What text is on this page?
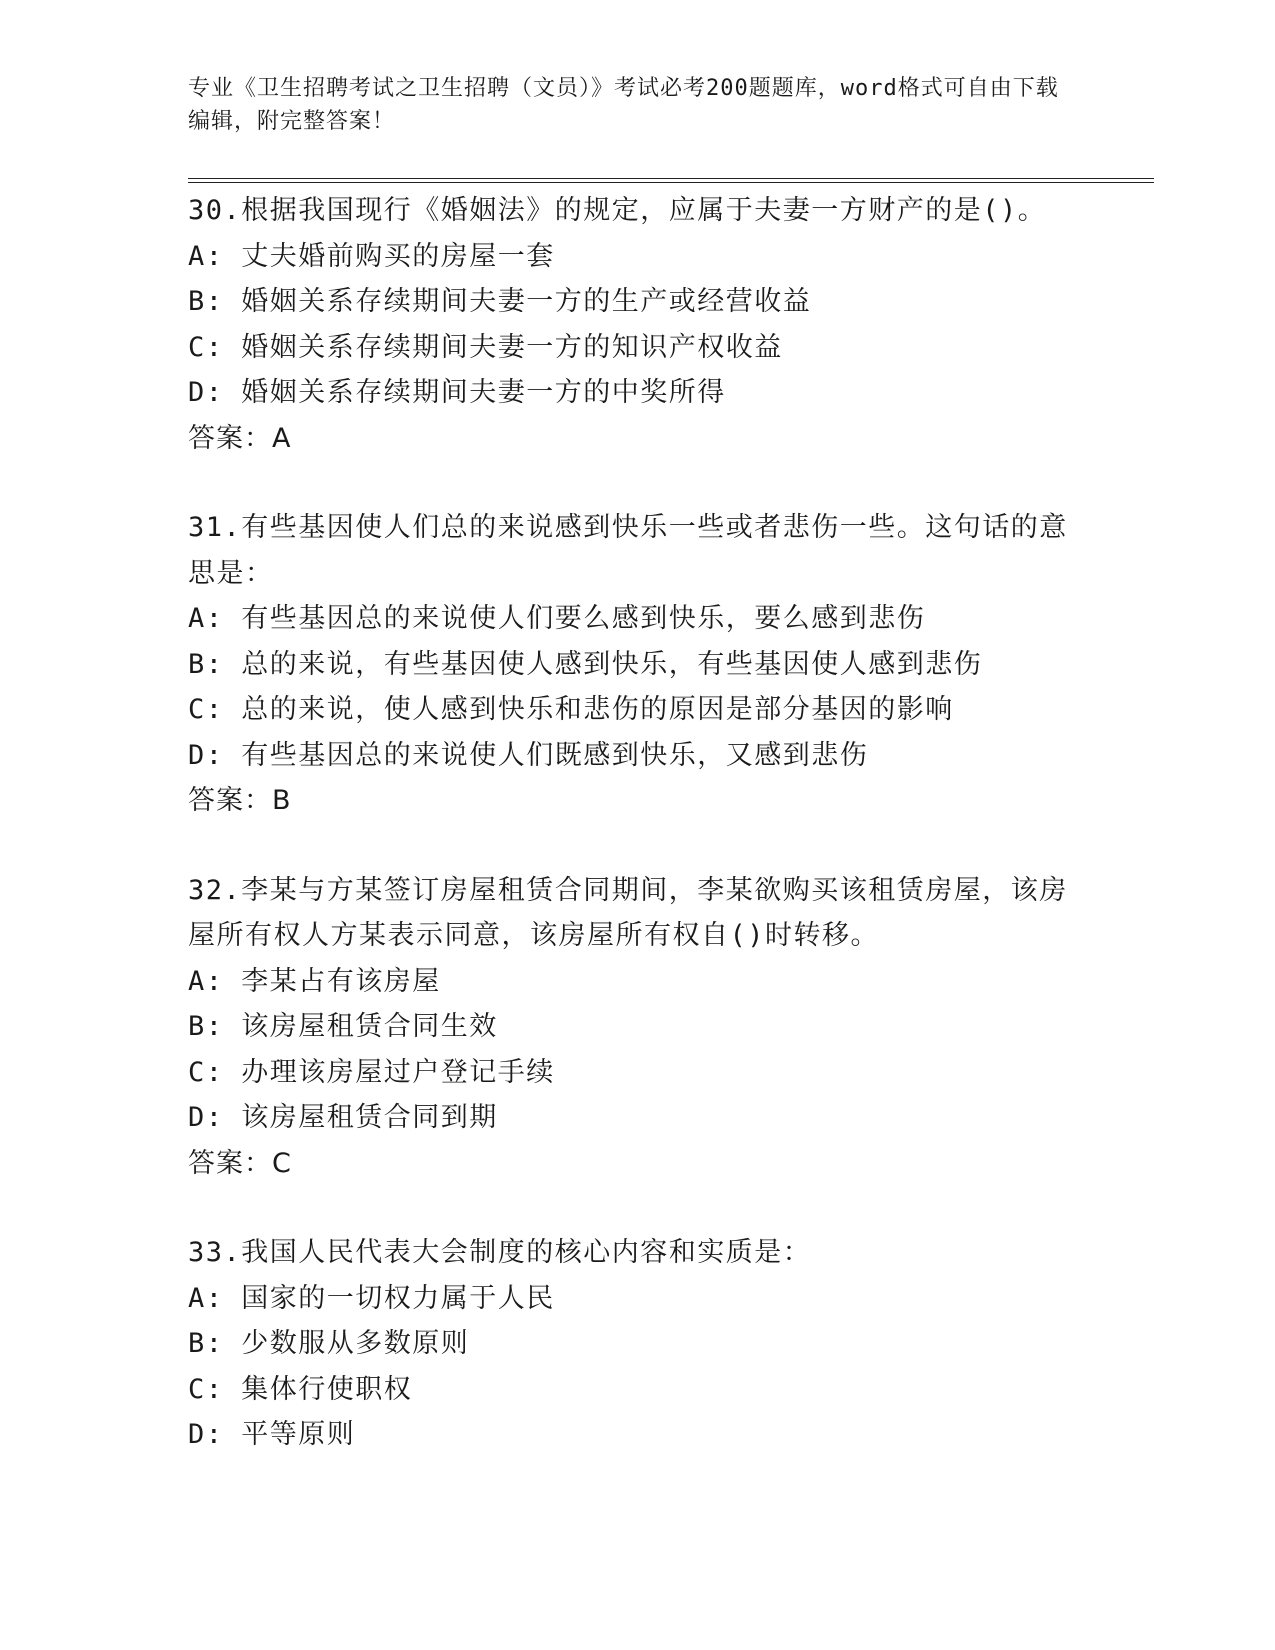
专业《卫生招聘考试之卫生招聘（文员）》考试必考200题题库，word格式可自由下载编辑，附完整答案！
30.根据我国现行《婚姻法》的规定，应属于夫妻一方财产的是()。
A: 丈夫婚前购买的房屋一套
B: 婚姻关系存续期间夫妻一方的生产或经营收益
C: 婚姻关系存续期间夫妻一方的知识产权收益
D: 婚姻关系存续期间夫妻一方的中奖所得
答案：A
31.有些基因使人们总的来说感到快乐一些或者悲伤一些。这句话的意思是：
A: 有些基因总的来说使人们要么感到快乐，要么感到悲伤
B: 总的来说，有些基因使人感到快乐，有些基因使人感到悲伤
C: 总的来说，使人感到快乐和悲伤的原因是部分基因的影响
D: 有些基因总的来说使人们既感到快乐，又感到悲伤
答案：B
32.李某与方某签订房屋租赁合同期间，李某欲购买该租赁房屋，该房屋所有权人方某表示同意，该房屋所有权自()时转移。
A: 李某占有该房屋
B: 该房屋租赁合同生效
C: 办理该房屋过户登记手续
D: 该房屋租赁合同到期
答案：C
33.我国人民代表大会制度的核心内容和实质是：
A: 国家的一切权力属于人民
B: 少数服从多数原则
C: 集体行使职权
D: 平等原则
